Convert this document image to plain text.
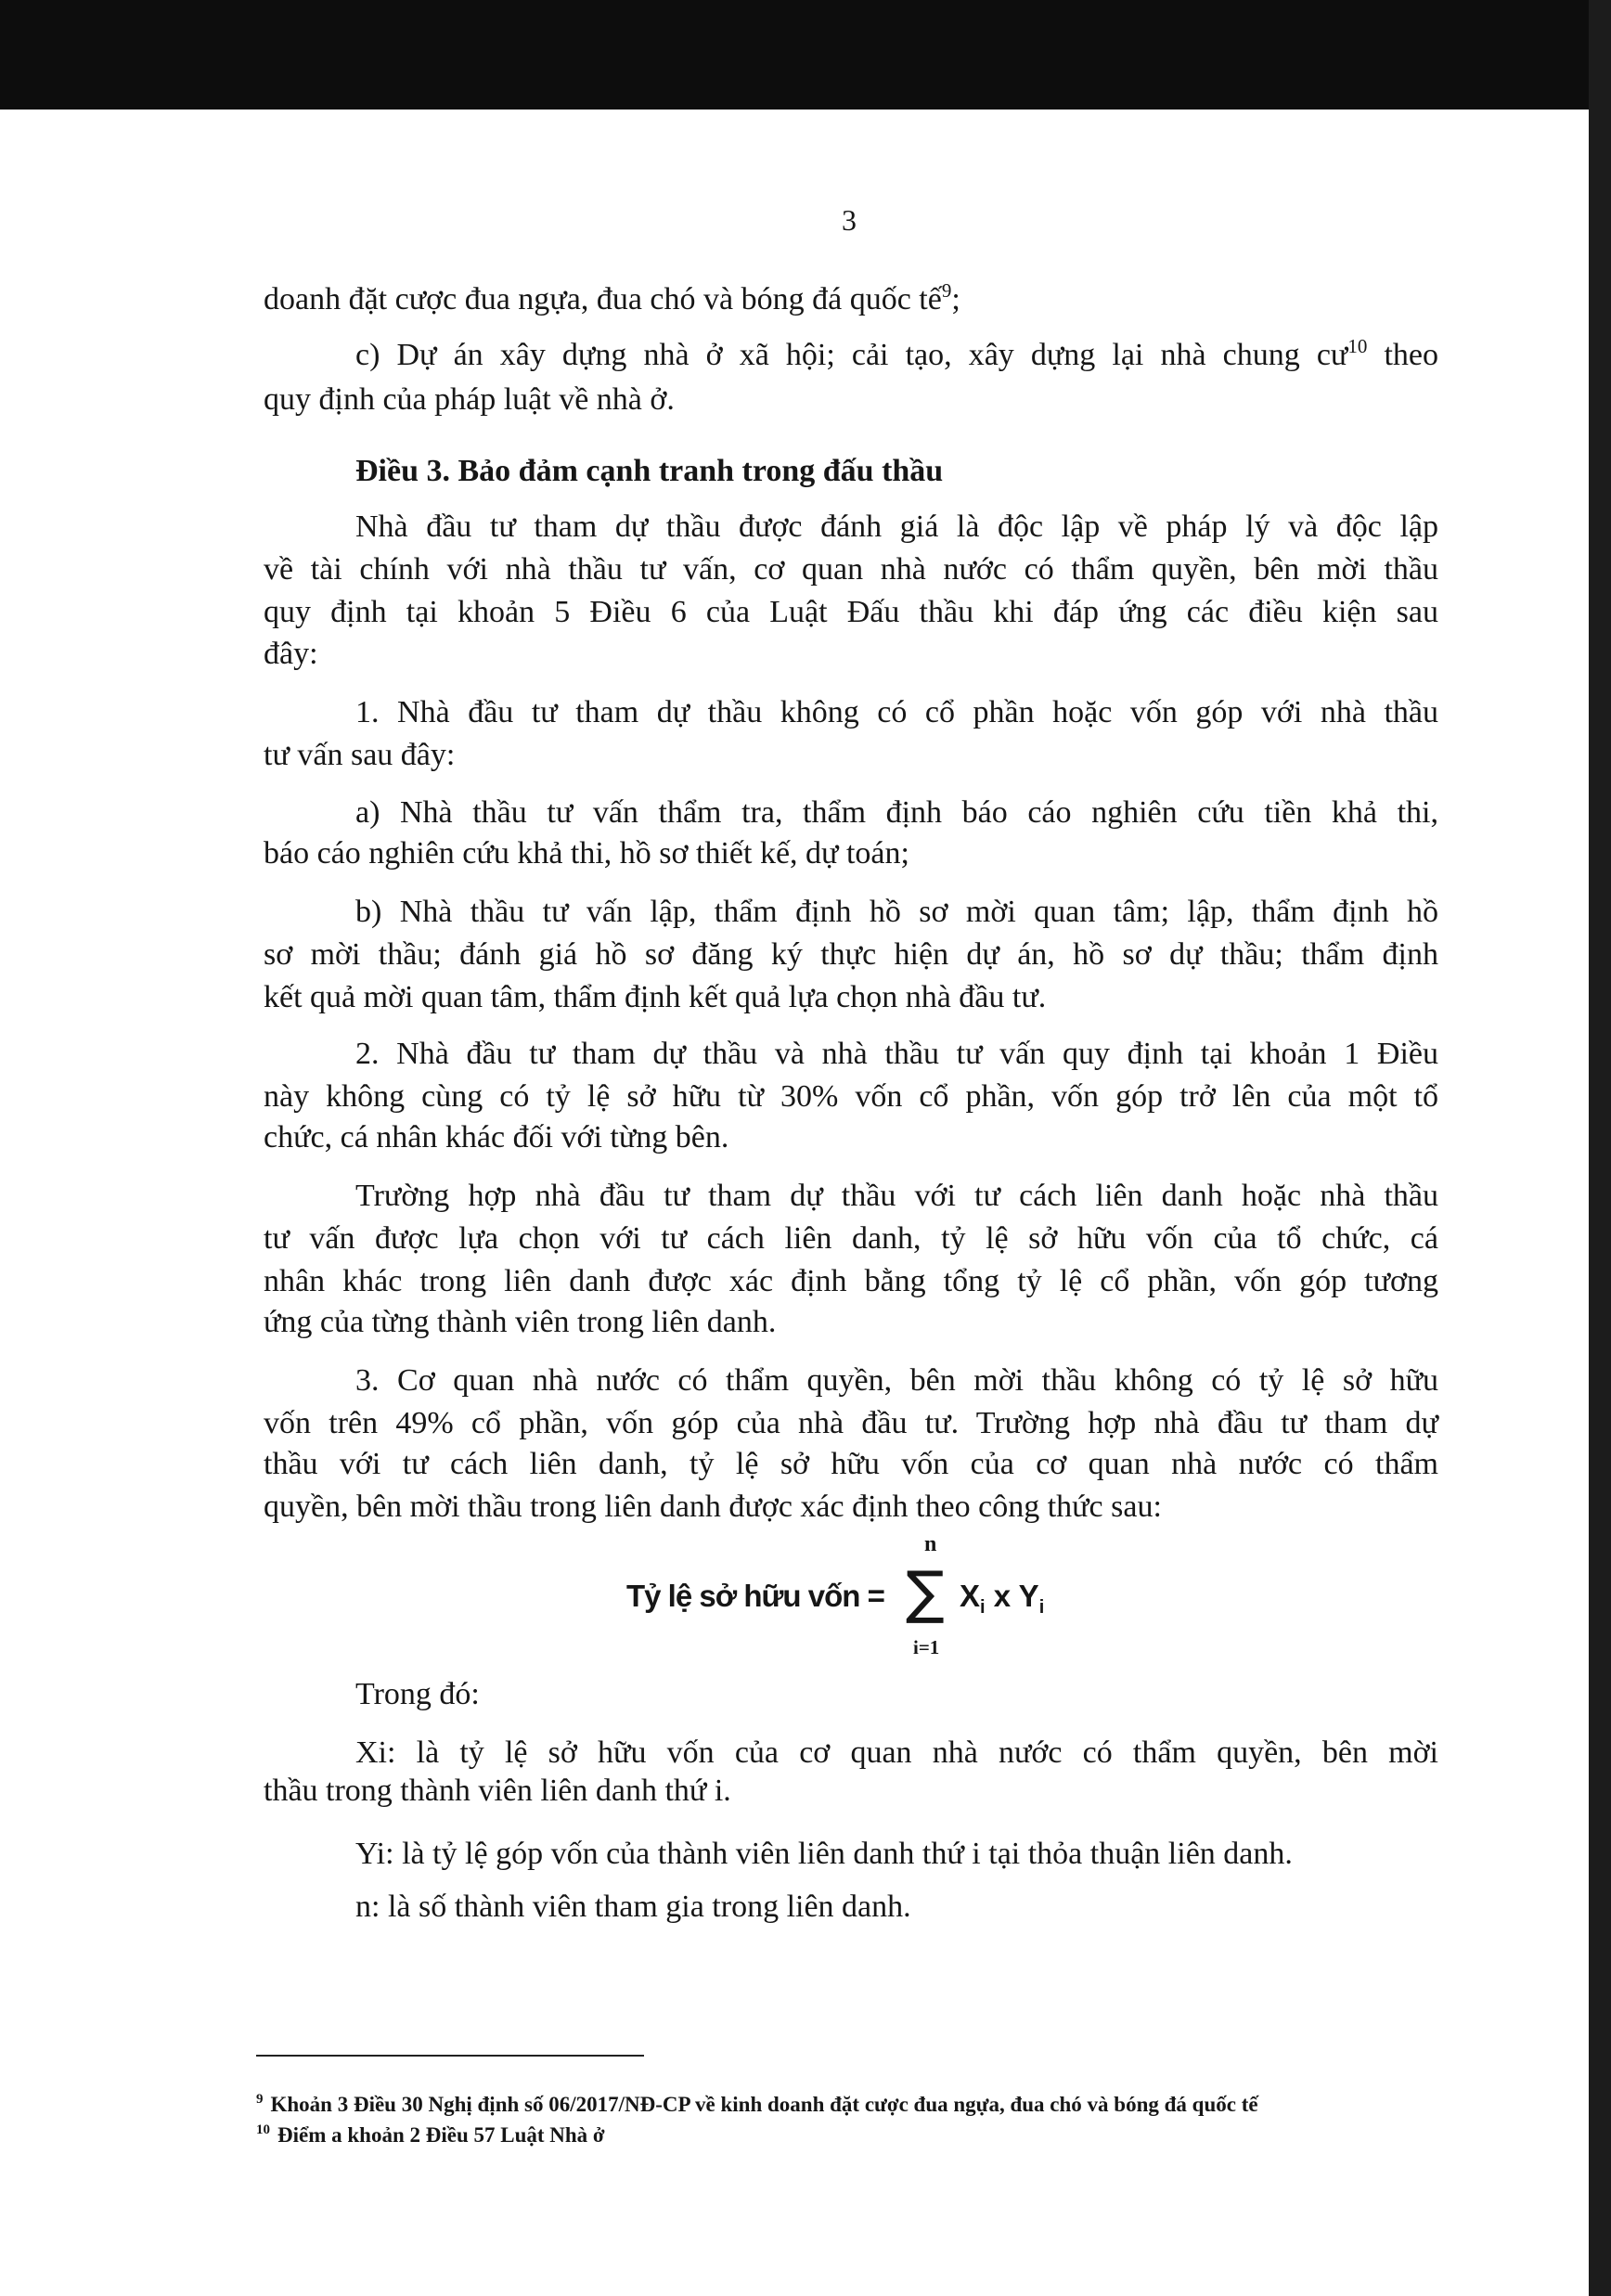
3
doanh đặt cược đua ngựa, đua chó và bóng đá quốc tế$^9$;
c) Dự án xây dựng nhà ở xã hội; cải tạo, xây dựng lại nhà chung cư$^{10}$ theo
quy định của pháp luật về nhà ở.
Điều 3. Bảo đảm cạnh tranh trong đấu thầu
Nhà đầu tư tham dự thầu được đánh giá là độc lập về pháp lý và độc lập
về tài chính với nhà thầu tư vấn, cơ quan nhà nước có thẩm quyền, bên mời thầu
quy định tại khoản 5 Điều 6 của Luật Đấu thầu khi đáp ứng các điều kiện sau
đây:
1. Nhà đầu tư tham dự thầu không có cổ phần hoặc vốn góp với nhà thầu
tư vấn sau đây:
a) Nhà thầu tư vấn thẩm tra, thẩm định báo cáo nghiên cứu tiền khả thi,
báo cáo nghiên cứu khả thi, hồ sơ thiết kế, dự toán;
b) Nhà thầu tư vấn lập, thẩm định hồ sơ mời quan tâm; lập, thẩm định hồ
sơ mời thầu; đánh giá hồ sơ đăng ký thực hiện dự án, hồ sơ dự thầu; thẩm định
kết quả mời quan tâm, thẩm định kết quả lựa chọn nhà đầu tư.
2. Nhà đầu tư tham dự thầu và nhà thầu tư vấn quy định tại khoản 1 Điều
này không cùng có tỷ lệ sở hữu từ 30% vốn cổ phần, vốn góp trở lên của một tổ
chức, cá nhân khác đối với từng bên.
Trường hợp nhà đầu tư tham dự thầu với tư cách liên danh hoặc nhà thầu
tư vấn được lựa chọn với tư cách liên danh, tỷ lệ sở hữu vốn của tổ chức, cá
nhân khác trong liên danh được xác định bằng tổng tỷ lệ cổ phần, vốn góp tương
ứng của từng thành viên trong liên danh.
3. Cơ quan nhà nước có thẩm quyền, bên mời thầu không có tỷ lệ sở hữu
vốn trên 49% cổ phần, vốn góp của nhà đầu tư. Trường hợp nhà đầu tư tham dự
thầu với tư cách liên danh, tỷ lệ sở hữu vốn của cơ quan nhà nước có thẩm
quyền, bên mời thầu trong liên danh được xác định theo công thức sau:
Tỷ lệ sở hữu vốn =
n
∑
i=1
$X_i$ x $Y_i$
Trong đó:
Xi: là tỷ lệ sở hữu vốn của cơ quan nhà nước có thẩm quyền, bên mời
thầu trong thành viên liên danh thứ i.
Yi: là tỷ lệ góp vốn của thành viên liên danh thứ i tại thỏa thuận liên danh.
n: là số thành viên tham gia trong liên danh.
$^9$ Khoản 3 Điều 30 Nghị định số 06/2017/NĐ-CP về kinh doanh đặt cược đua ngựa, đua chó và bóng đá quốc tế
$^{10}$ Điểm a khoản 2 Điều 57 Luật Nhà ở
